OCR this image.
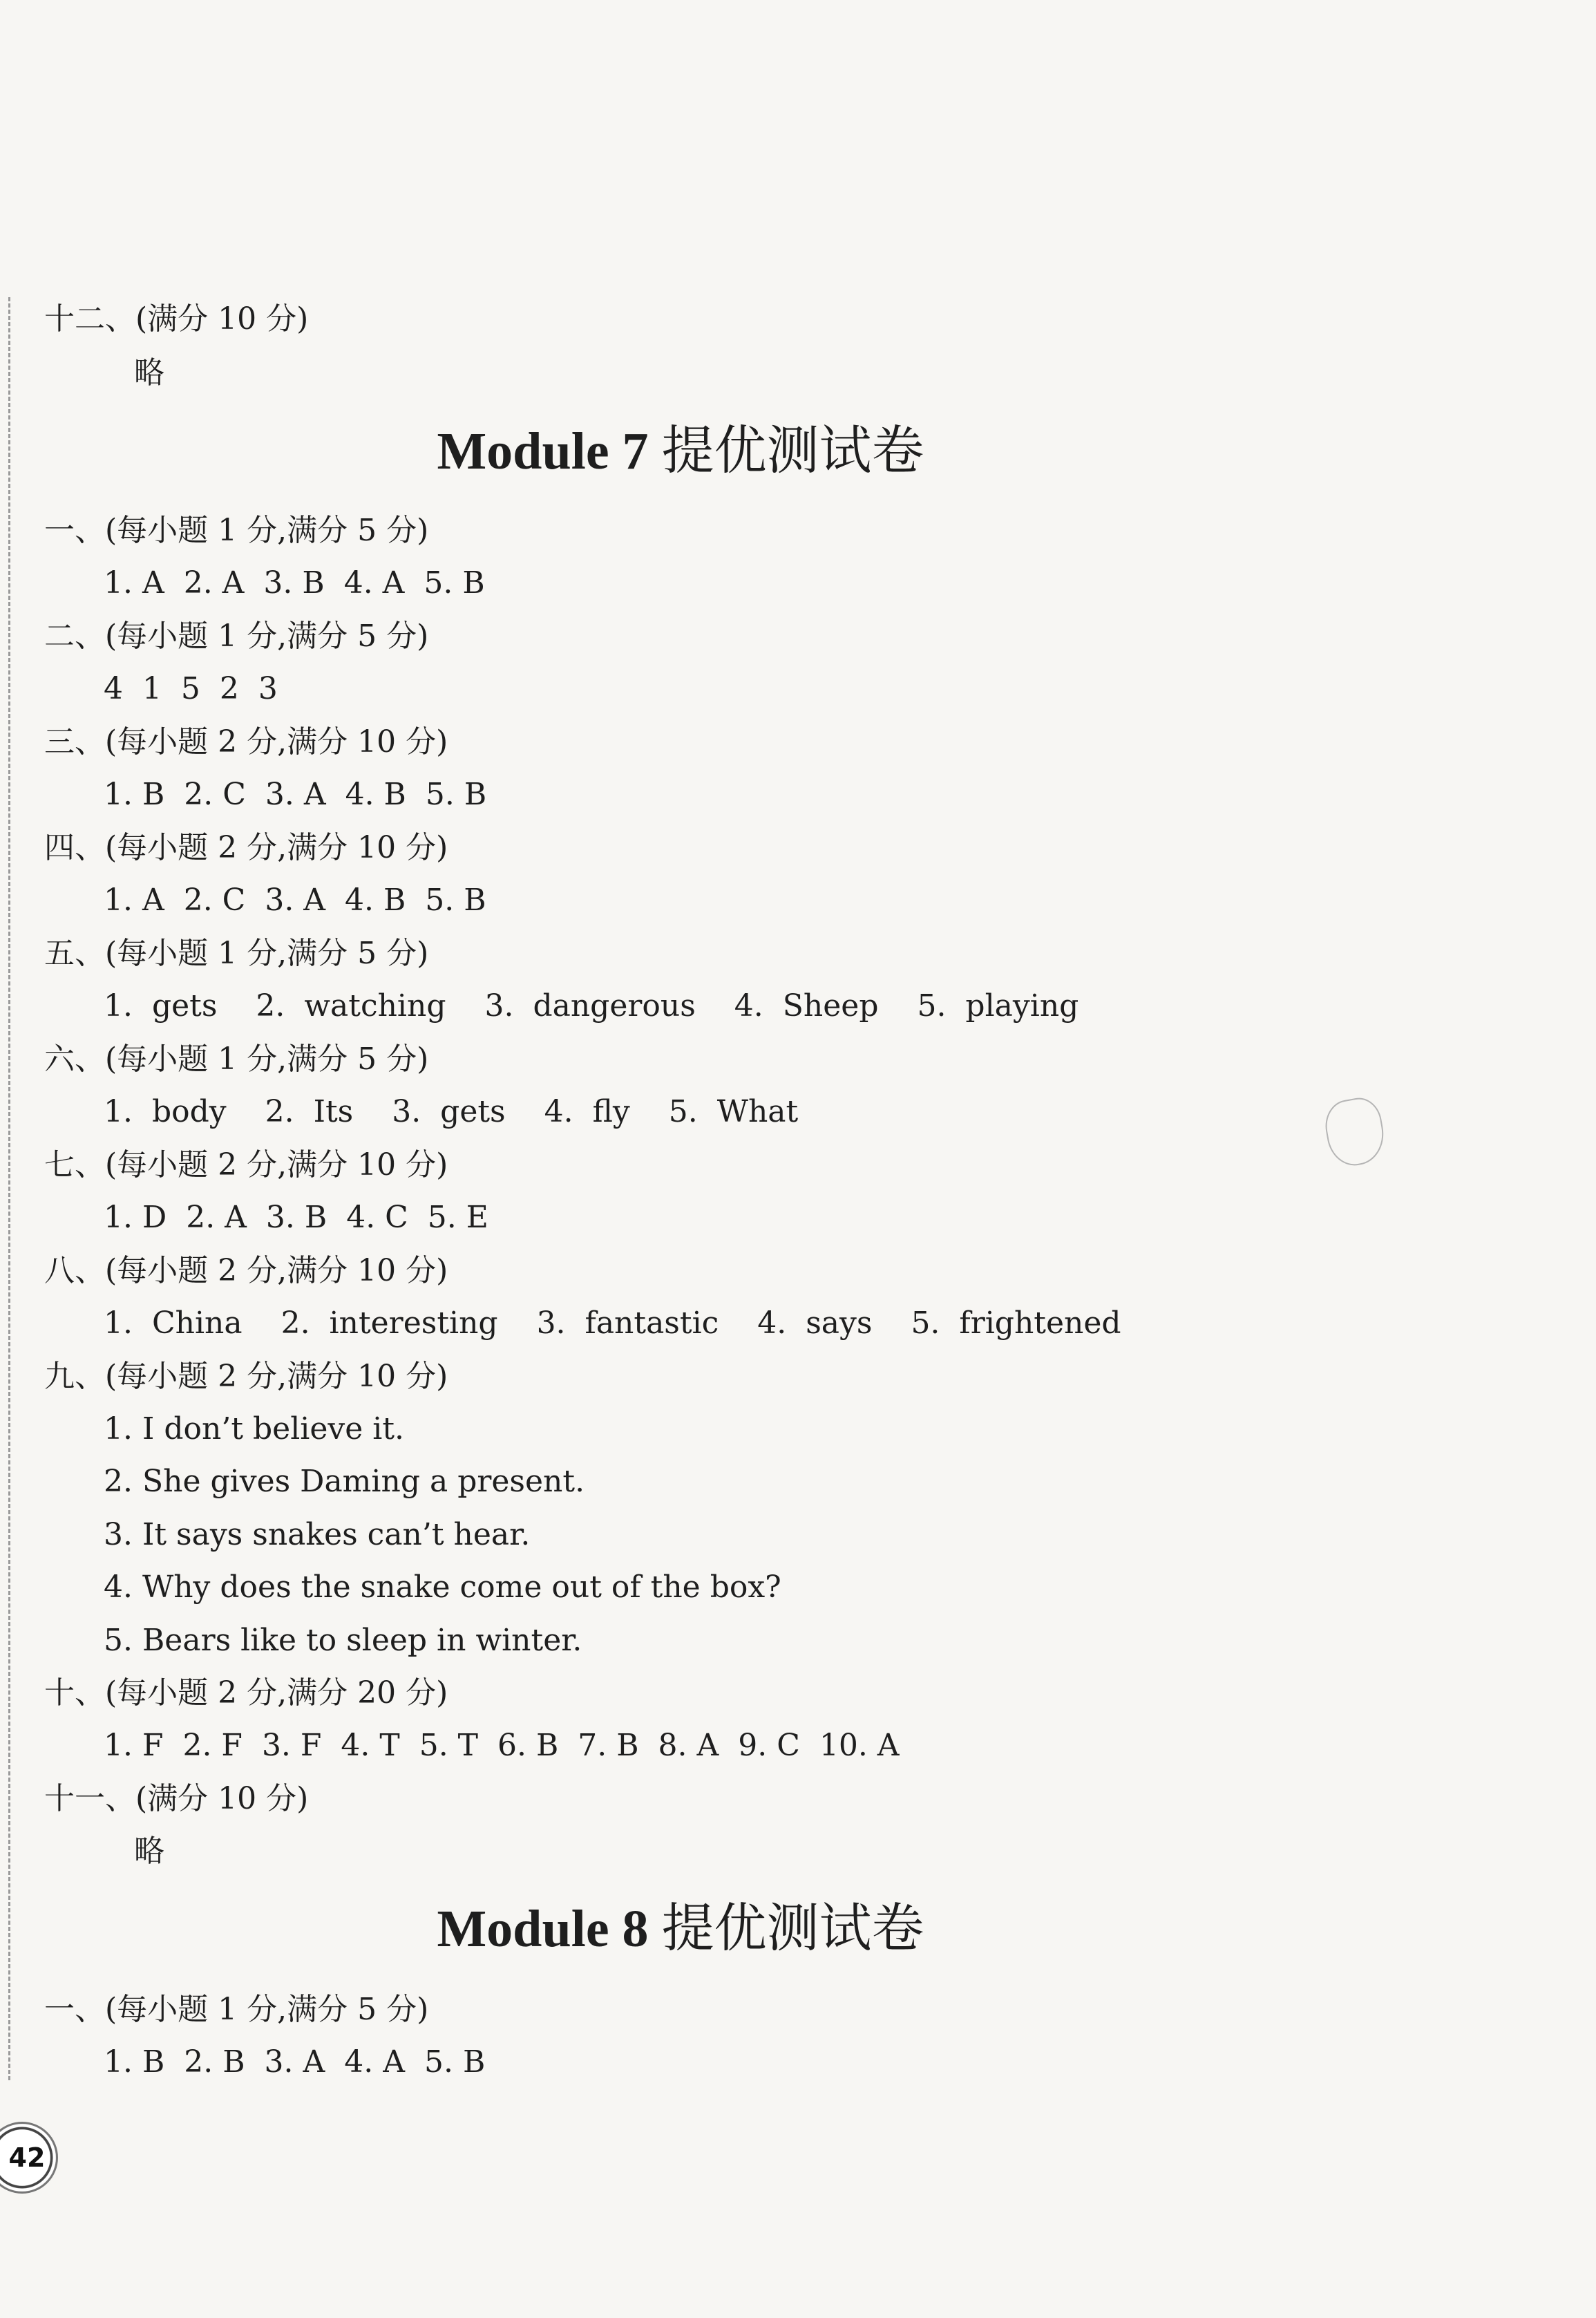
十二、(满分 10 分)
略
Module 7 提优测试卷
一、(每小题 1 分,满分 5 分)
1. A  2. A  3. B  4. A  5. B
二、(每小题 1 分,满分 5 分)
4  1  5  2  3
三、(每小题 2 分,满分 10 分)
1. B  2. C  3. A  4. B  5. B
四、(每小题 2 分,满分 10 分)
1. A  2. C  3. A  4. B  5. B
五、(每小题 1 分,满分 5 分)
1. gets  2. watching  3. dangerous  4. Sheep  5. playing
六、(每小题 1 分,满分 5 分)
1. body  2. Its  3. gets  4. fly  5. What
七、(每小题 2 分,满分 10 分)
1. D  2. A  3. B  4. C  5. E
八、(每小题 2 分,满分 10 分)
1. China  2. interesting  3. fantastic  4. says  5. frightened
九、(每小题 2 分,满分 10 分)
1. I don’t believe it.
2. She gives Daming a present.
3. It says snakes can’t hear.
4. Why does the snake come out of the box?
5. Bears like to sleep in winter.
十、(每小题 2 分,满分 20 分)
1. F  2. F  3. F  4. T  5. T  6. B  7. B  8. A  9. C  10. A
十一、(满分 10 分)
略
Module 8 提优测试卷
一、(每小题 1 分,满分 5 分)
1. B  2. B  3. A  4. A  5. B
42
